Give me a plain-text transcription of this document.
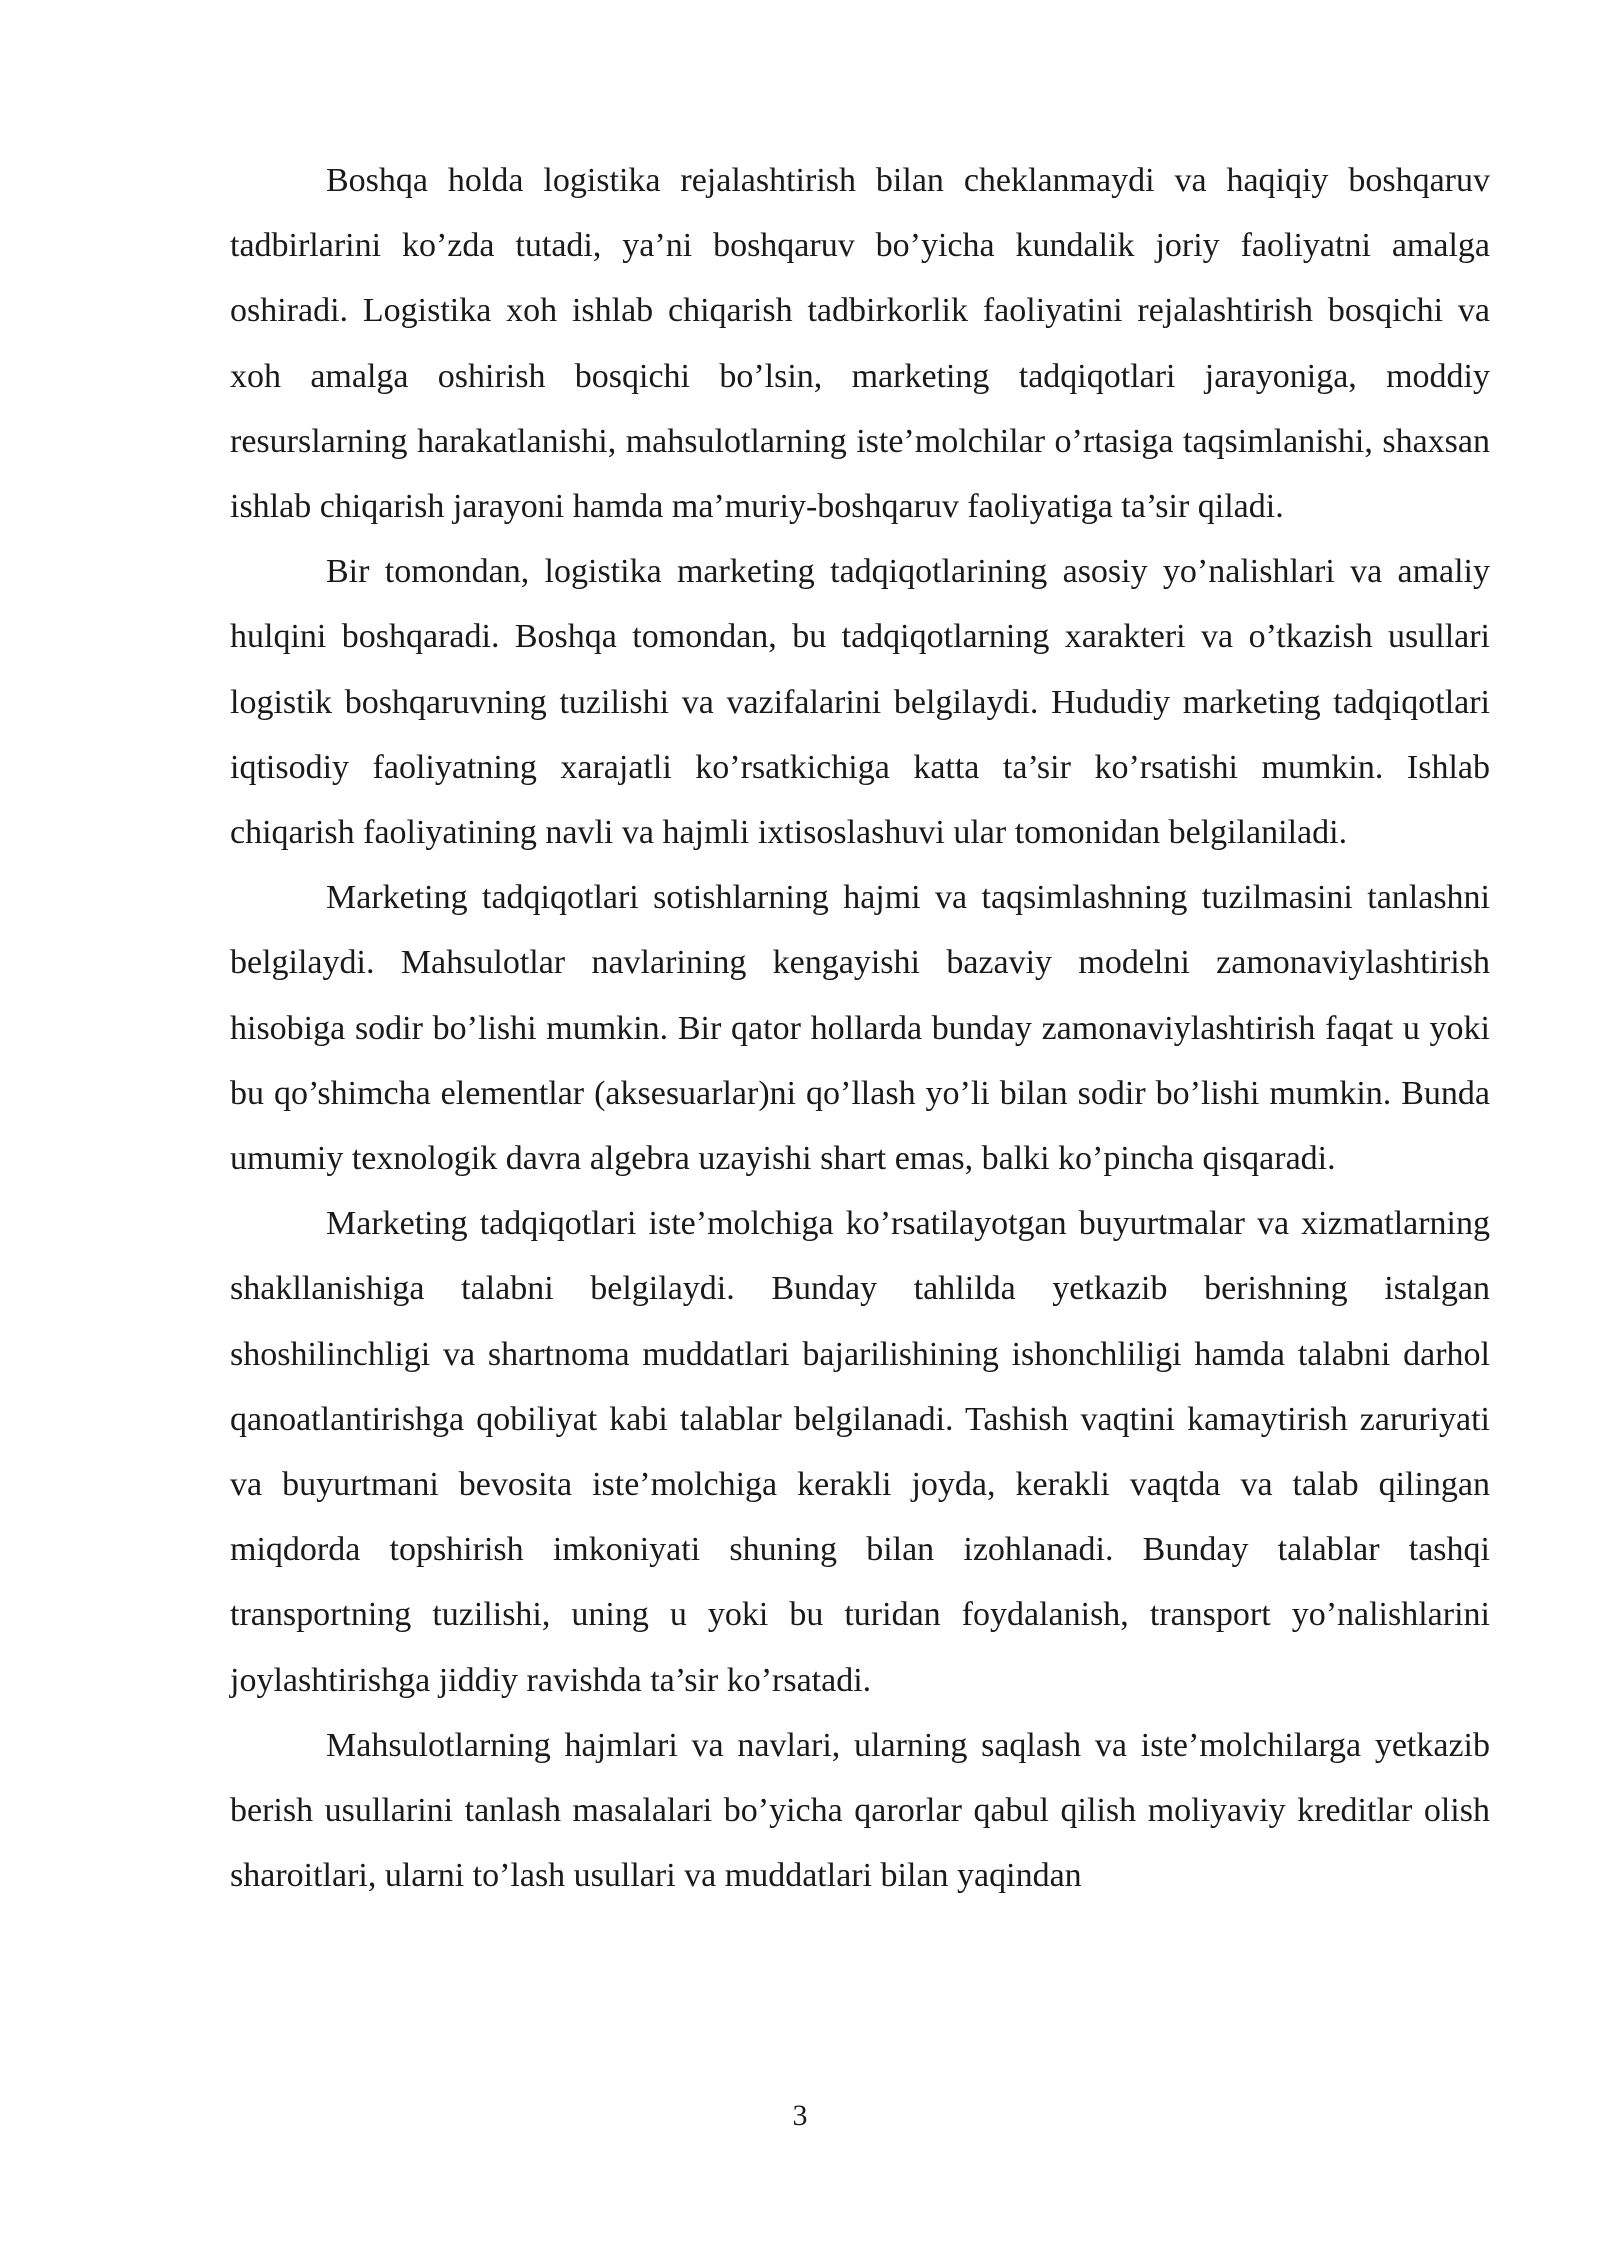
Boshqa holda logistika rejalashtirish bilan cheklanmaydi va haqiqiy boshqaruv tadbirlarini ko’zda tutadi, ya’ni boshqaruv bo’yicha kundalik joriy faoliyatni amalga oshiradi. Logistika xoh ishlab chiqarish tadbirkorlik faoliyatini rejalashtirish bosqichi va xoh amalga oshirish bosqichi bo’lsin, marketing tadqiqotlari jarayoniga, moddiy resurslarning harakatlanishi, mahsulotlarning iste’molchilar o’rtasiga taqsimlanishi, shaxsan ishlab chiqarish jarayoni hamda ma’muriy-boshqaruv faoliyatiga ta’sir qiladi.

Bir tomondan, logistika marketing tadqiqotlarining asosiy yo’nalishlari va amaliy hulqini boshqaradi. Boshqa tomondan, bu tadqiqotlarning xarakteri va o’tkazish usullari logistik boshqaruvning tuzilishi va vazifalarini belgilaydi. Hududiy marketing tadqiqotlari iqtisodiy faoliyatning xarajatli ko’rsatkichiga katta ta’sir ko’rsatishi mumkin. Ishlab chiqarish faoliyatining navli va hajmli ixtisoslashuvi ular tomonidan belgilaniladi.

Marketing tadqiqotlari sotishlarning hajmi va taqsimlashning tuzilmasini tanlashni belgilaydi. Mahsulotlar navlarining kengayishi bazaviy modelni zamonaviylashtirish hisobiga sodir bo’lishi mumkin. Bir qator hollarda bunday zamonaviylashtirish faqat u yoki bu qo’shimcha elementlar (aksesuarlar)ni qo’llash yo’li bilan sodir bo’lishi mumkin. Bunda umumiy texnologik davra algebra uzayishi shart emas, balki ko’pincha qisqaradi.

Marketing tadqiqotlari iste’molchiga ko’rsatilayotgan buyurtmalar va xizmatlarning shakllanishiga talabni belgilaydi. Bunday tahlilda yetkazib berishning istalgan shoshilinchligi va shartnoma muddatlari bajarilishining ishonchliligi hamda talabni darhol qanoatlantirishga qobiliyat kabi talablar belgilanadi. Tashish vaqtini kamaytirish zaruriyati va buyurtmani bevosita iste’molchiga kerakli joyda, kerakli vaqtda va talab qilingan miqdorda topshirish imkoniyati shuning bilan izohlanadi. Bunday talablar tashqi transportning tuzilishi, uning u yoki bu turidan foydalanish, transport yo’nalishlarini joylashtirishga jiddiy ravishda ta’sir ko’rsatadi.

Mahsulotlarning hajmlari va navlari, ularning saqlash va iste’molchilarga yetkazib berish usullarini tanlash masalalari bo’yicha qarorlar qabul qilish moliyaviy kreditlar olish sharoitlari, ularni to’lash usullari va muddatlari bilan yaqindan

3
